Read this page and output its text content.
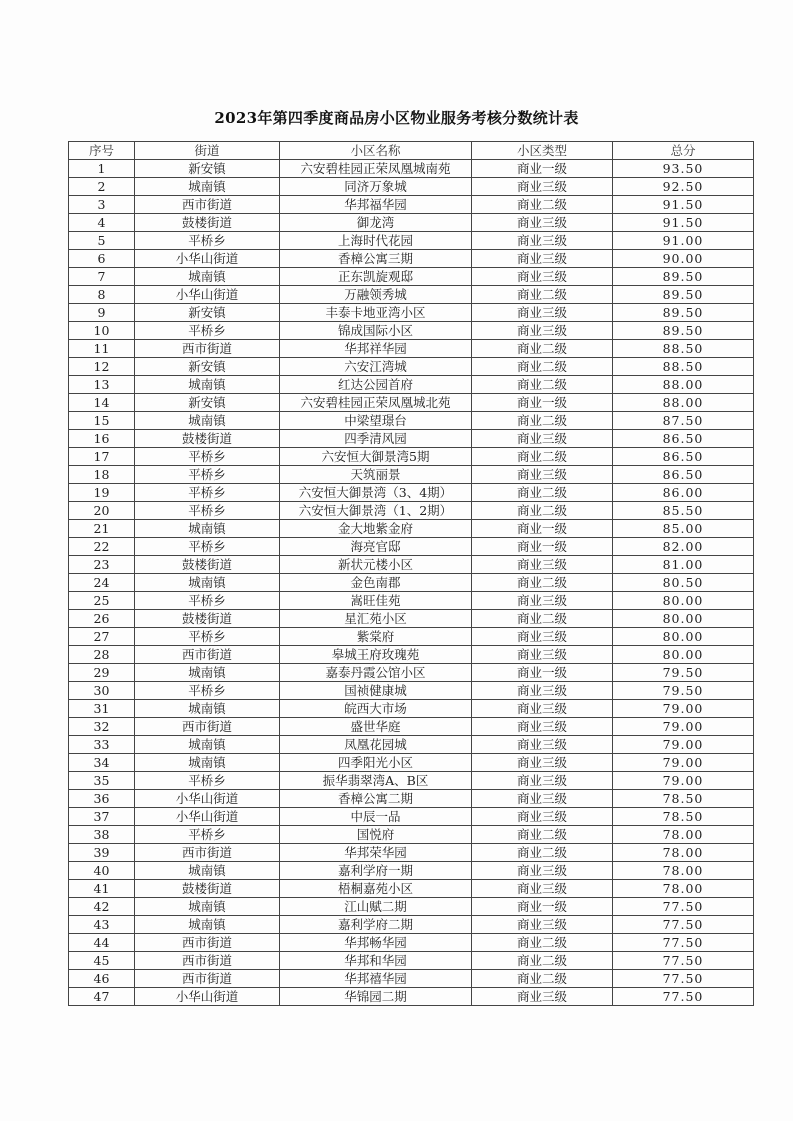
2023年第四季度商品房小区物业服务考核分数统计表
序号	街道	小区名称	小区类型	总分
1	新安镇	六安碧桂园正荣凤凰城南苑	商业一级	93.50
2	城南镇	同济万象城	商业三级	92.50
3	西市街道	华邦福华园	商业二级	91.50
4	鼓楼街道	御龙湾	商业三级	91.50
5	平桥乡	上海时代花园	商业三级	91.00
6	小华山街道	香樟公寓三期	商业三级	90.00
7	城南镇	正东凯旋观邸	商业三级	89.50
8	小华山街道	万融领秀城	商业二级	89.50
9	新安镇	丰泰卡地亚湾小区	商业三级	89.50
10	平桥乡	锦成国际小区	商业三级	89.50
11	西市街道	华邦祥华园	商业二级	88.50
12	新安镇	六安江湾城	商业二级	88.50
13	城南镇	红达公园首府	商业二级	88.00
14	新安镇	六安碧桂园正荣凤凰城北苑	商业一级	88.00
15	城南镇	中梁望璟台	商业二级	87.50
16	鼓楼街道	四季清风园	商业三级	86.50
17	平桥乡	六安恒大御景湾5期	商业二级	86.50
18	平桥乡	天筑丽景	商业三级	86.50
19	平桥乡	六安恒大御景湾（3、4期）	商业二级	86.00
20	平桥乡	六安恒大御景湾（1、2期）	商业二级	85.50
21	城南镇	金大地紫金府	商业一级	85.00
22	平桥乡	海亮官邸	商业一级	82.00
23	鼓楼街道	新状元楼小区	商业三级	81.00
24	城南镇	金色南郡	商业二级	80.50
25	平桥乡	嵩旺佳苑	商业三级	80.00
26	鼓楼街道	星汇苑小区	商业二级	80.00
27	平桥乡	紫棠府	商业三级	80.00
28	西市街道	皋城王府玫瑰苑	商业三级	80.00
29	城南镇	嘉泰丹霞公馆小区	商业一级	79.50
30	平桥乡	国祯健康城	商业三级	79.50
31	城南镇	皖西大市场	商业三级	79.00
32	西市街道	盛世华庭	商业三级	79.00
33	城南镇	凤凰花园城	商业三级	79.00
34	城南镇	四季阳光小区	商业三级	79.00
35	平桥乡	振华翡翠湾A、B区	商业三级	79.00
36	小华山街道	香樟公寓二期	商业三级	78.50
37	小华山街道	中辰一品	商业三级	78.50
38	平桥乡	国悦府	商业二级	78.00
39	西市街道	华邦荣华园	商业二级	78.00
40	城南镇	嘉利学府一期	商业三级	78.00
41	鼓楼街道	梧桐嘉苑小区	商业三级	78.00
42	城南镇	江山赋二期	商业一级	77.50
43	城南镇	嘉利学府二期	商业三级	77.50
44	西市街道	华邦畅华园	商业二级	77.50
45	西市街道	华邦和华园	商业二级	77.50
46	西市街道	华邦禧华园	商业二级	77.50
47	小华山街道	华锦园二期	商业三级	77.50
